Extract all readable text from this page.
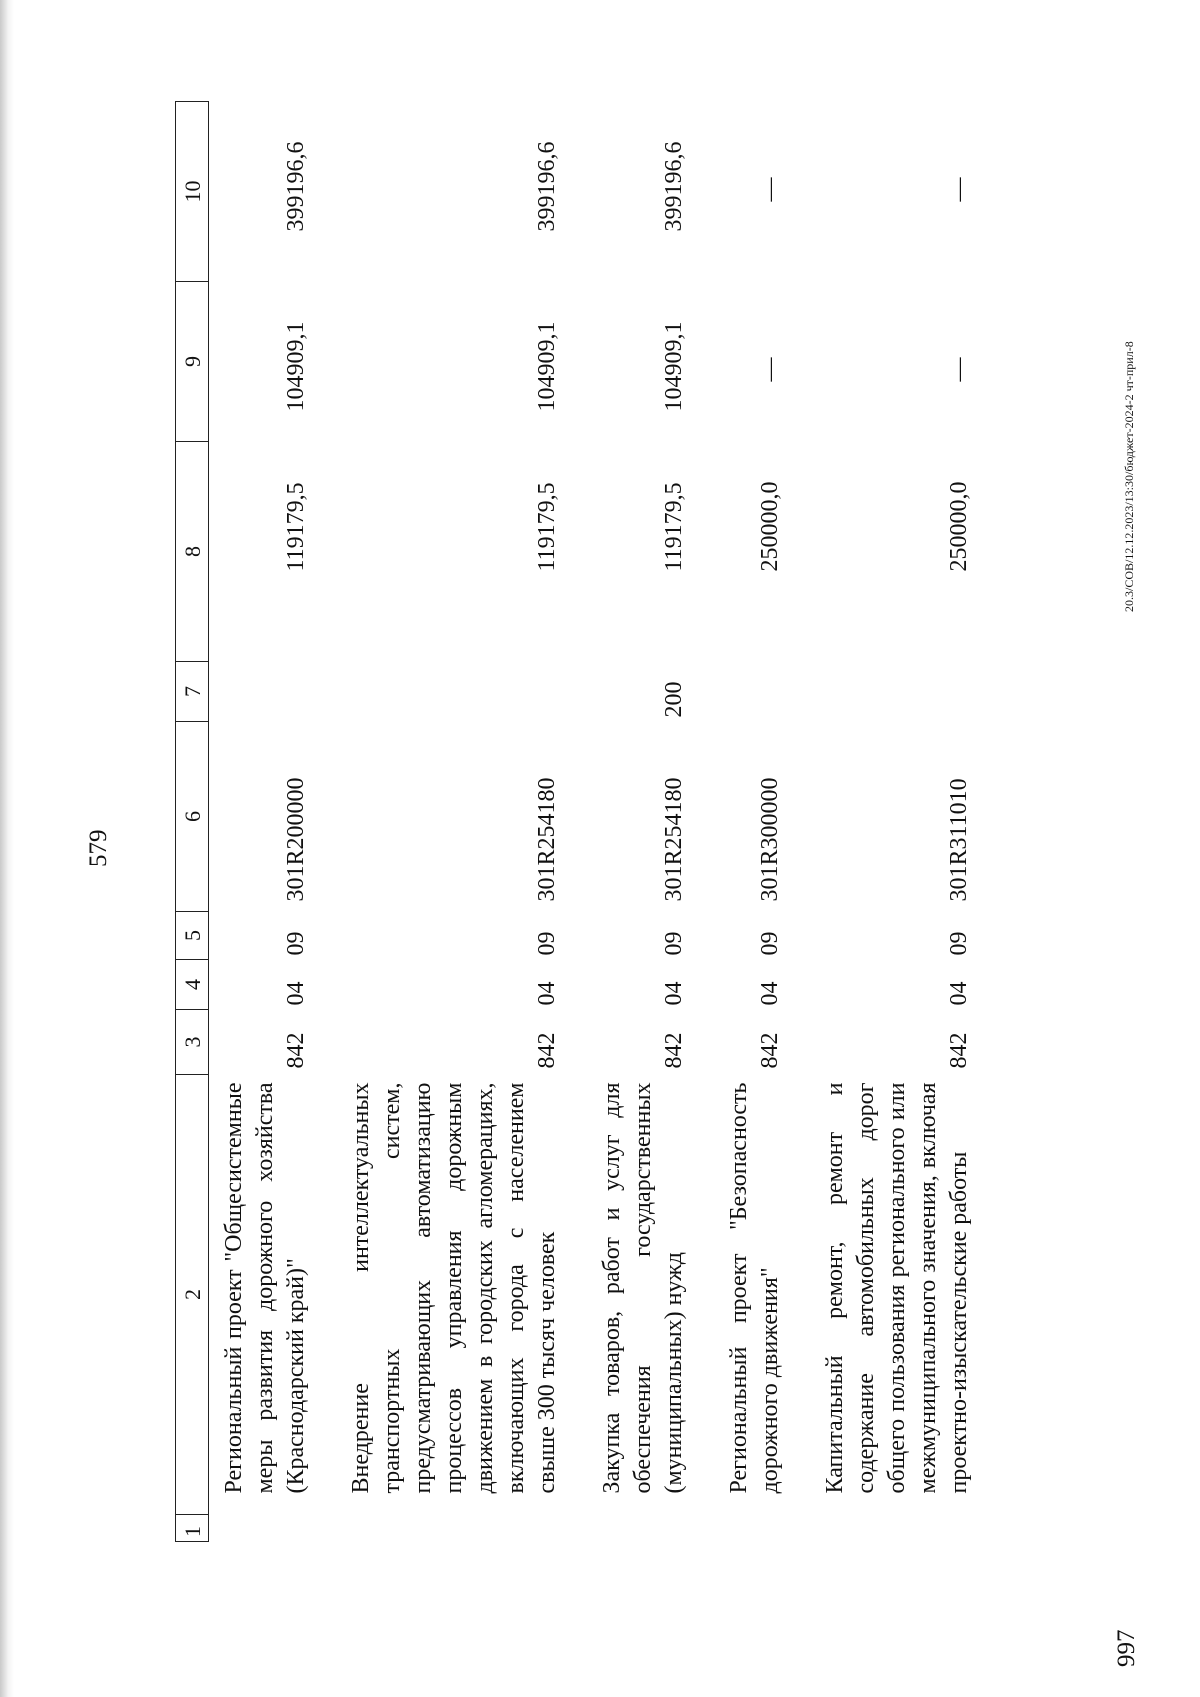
579
1	2	3	4	5	6	7	8	9	10
Региональный проект "Общесистемные меры развития дорожного хозяйства (Краснодарский край)"		842	04	09	301R200000		119179,5	104909,1	399196,6
Внедрение интеллектуальных транспортных систем, предусматривающих автоматизацию процессов управления дорожным движением в городских агломерациях, включающих города с населением свыше 300 тысяч человек		842	04	09	301R254180		119179,5	104909,1	399196,6
Закупка товаров, работ и услуг для обеспечения государственных (муниципальных) нужд		842	04	09	301R254180	200	119179,5	104909,1	399196,6
Региональный проект "Безопасность дорожного движения"		842	04	09	301R300000		250000,0	—	—
Капитальный ремонт, ремонт и содержание автомобильных дорог общего пользования регионального или межмуниципального значения, включая проектно-изыскательские работы		842	04	09	301R311010		250000,0	—	—
997
20.3/СОВ/12.12.2023/13:30/бюджет-2024-2 чт-прил-8
